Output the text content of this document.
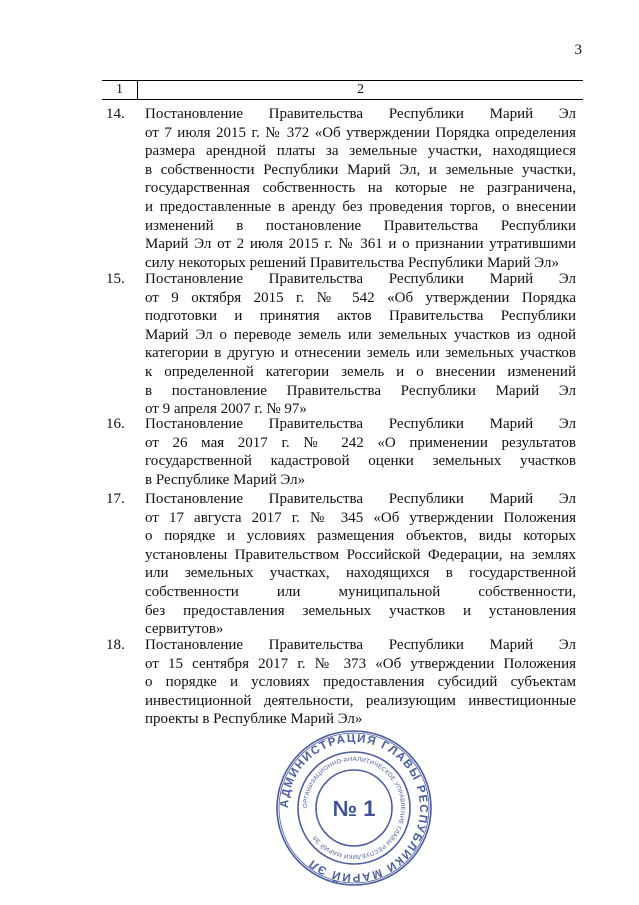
3
1	2
14. Постановление Правительства Республики Марий Эл
от 7 июля 2015 г. № 372 «Об утверждении Порядка определения
размера арендной платы за земельные участки, находящиеся
в собственности Республики Марий Эл, и земельные участки,
государственная собственность на которые не разграничена,
и предоставленные в аренду без проведения торгов, о внесении
изменений в постановление Правительства Республики
Марий Эл от 2 июля 2015 г. № 361 и о признании утратившими
силу некоторых решений Правительства Республики Марий Эл»
15. Постановление Правительства Республики Марий Эл
от 9 октября 2015 г. № 542 «Об утверждении Порядка
подготовки и принятия актов Правительства Республики
Марий Эл о переводе земель или земельных участков из одной
категории в другую и отнесении земель или земельных участков
к определенной категории земель и о внесении изменений
в постановление Правительства Республики Марий Эл
от 9 апреля 2007 г. № 97»
16. Постановление Правительства Республики Марий Эл
от 26 мая 2017 г. № 242 «О применении результатов
государственной кадастровой оценки земельных участков
в Республике Марий Эл»
17. Постановление Правительства Республики Марий Эл
от 17 августа 2017 г. № 345 «Об утверждении Положения
о порядке и условиях размещения объектов, виды которых
установлены Правительством Российской Федерации, на землях
или земельных участках, находящихся в государственной
собственности или муниципальной собственности,
без предоставления земельных участков и установления
сервитутов»
18. Постановление Правительства Республики Марий Эл
от 15 сентября 2017 г. № 373 «Об утверждении Положения
о порядке и условиях предоставления субсидий субъектам
инвестиционной деятельности, реализующим инвестиционные
проекты в Республике Марий Эл»
АДМИНИСТРАЦИЯ ГЛАВЫ РЕСПУБЛИКИ МАРИЙ ЭЛ
ОРГАНИЗАЦИОННО-АНАЛИТИЧЕСКОЕ УПРАВЛЕНИЕ ГЛАВЫ РЕСПУБЛИКИ МАРИЙ ЭЛ
№ 1
